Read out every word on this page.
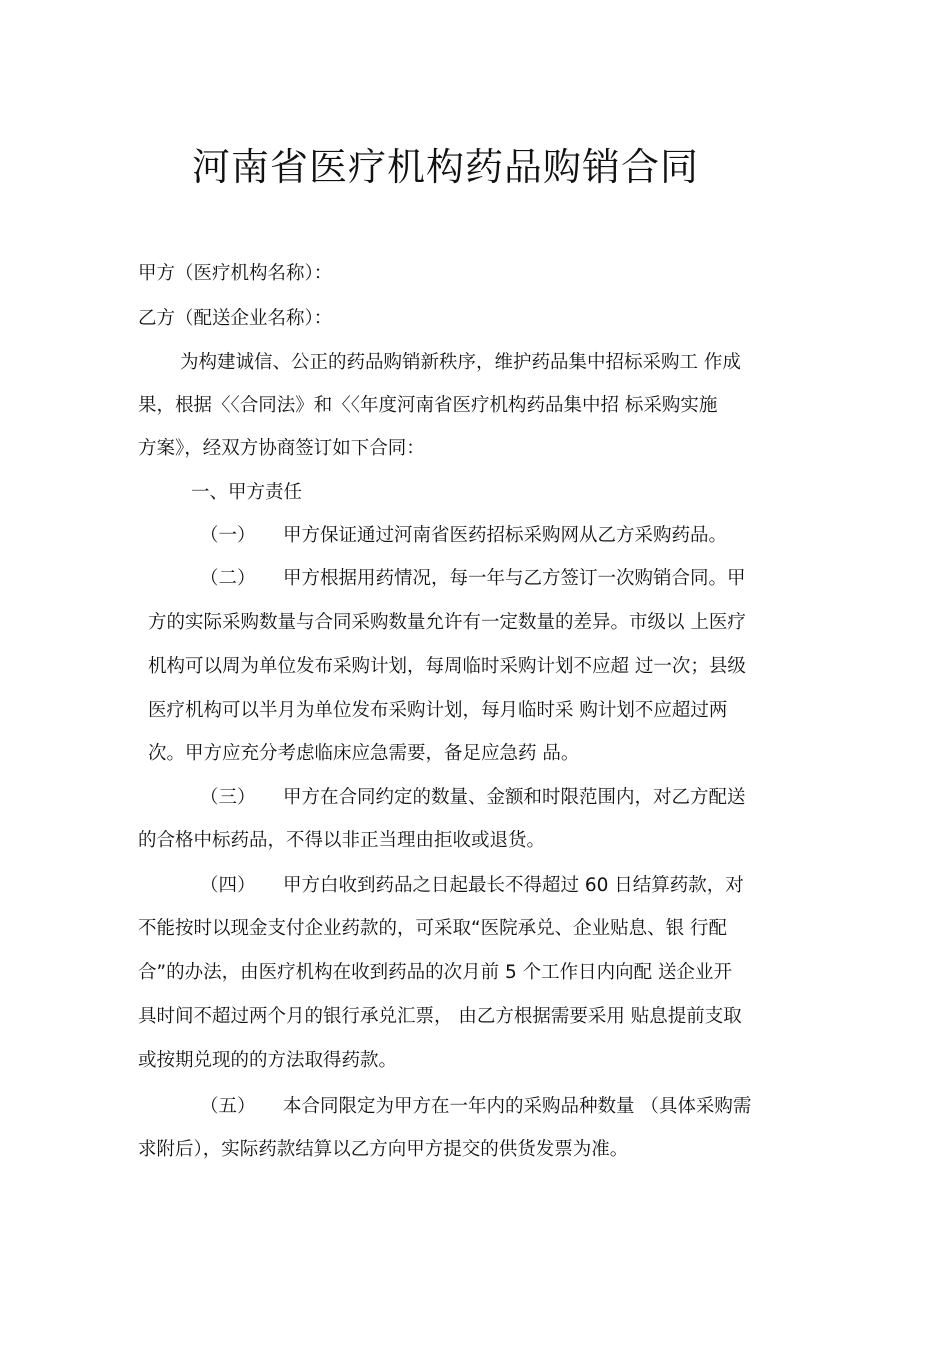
河南省医疗机构药品购销合同
甲方（医疗机构名称）：
乙方（配送企业名称）：
为构建诚信、公正的药品购销新秩序，维护药品集中招标采购工 作成
果，根据〈〈合同法》和〈〈年度河南省医疗机构药品集中招 标采购实施
方案》，经双方协商签订如下合同：
一、甲方责任
（一） 甲方保证通过河南省医药招标采购网从乙方采购药品。
（二） 甲方根据用药情况，每一年与乙方签订一次购销合同。甲
方的实际采购数量与合同采购数量允许有一定数量的差异。市级以 上医疗
机构可以周为单位发布采购计划，每周临时采购计划不应超 过一次；县级
医疗机构可以半月为单位发布采购计划，每月临时采 购计划不应超过两
次。甲方应充分考虑临床应急需要，备足应急药 品。
（三） 甲方在合同约定的数量、金额和时限范围内，对乙方配送
的合格中标药品，不得以非正当理由拒收或退货。
（四） 甲方白收到药品之日起最长不得超过 60 日结算药款，对
不能按时以现金支付企业药款的，可采取“医院承兑、企业贴息、银 行配
合”的办法，由医疗机构在收到药品的次月前 5 个工作日内向配 送企业开
具时间不超过两个月的银行承兑汇票， 由乙方根据需要采用 贴息提前支取
或按期兑现的的方法取得药款。
（五） 本合同限定为甲方在一年内的采购品种数量 （具体采购需
求附后），实际药款结算以乙方向甲方提交的供货发票为准。
